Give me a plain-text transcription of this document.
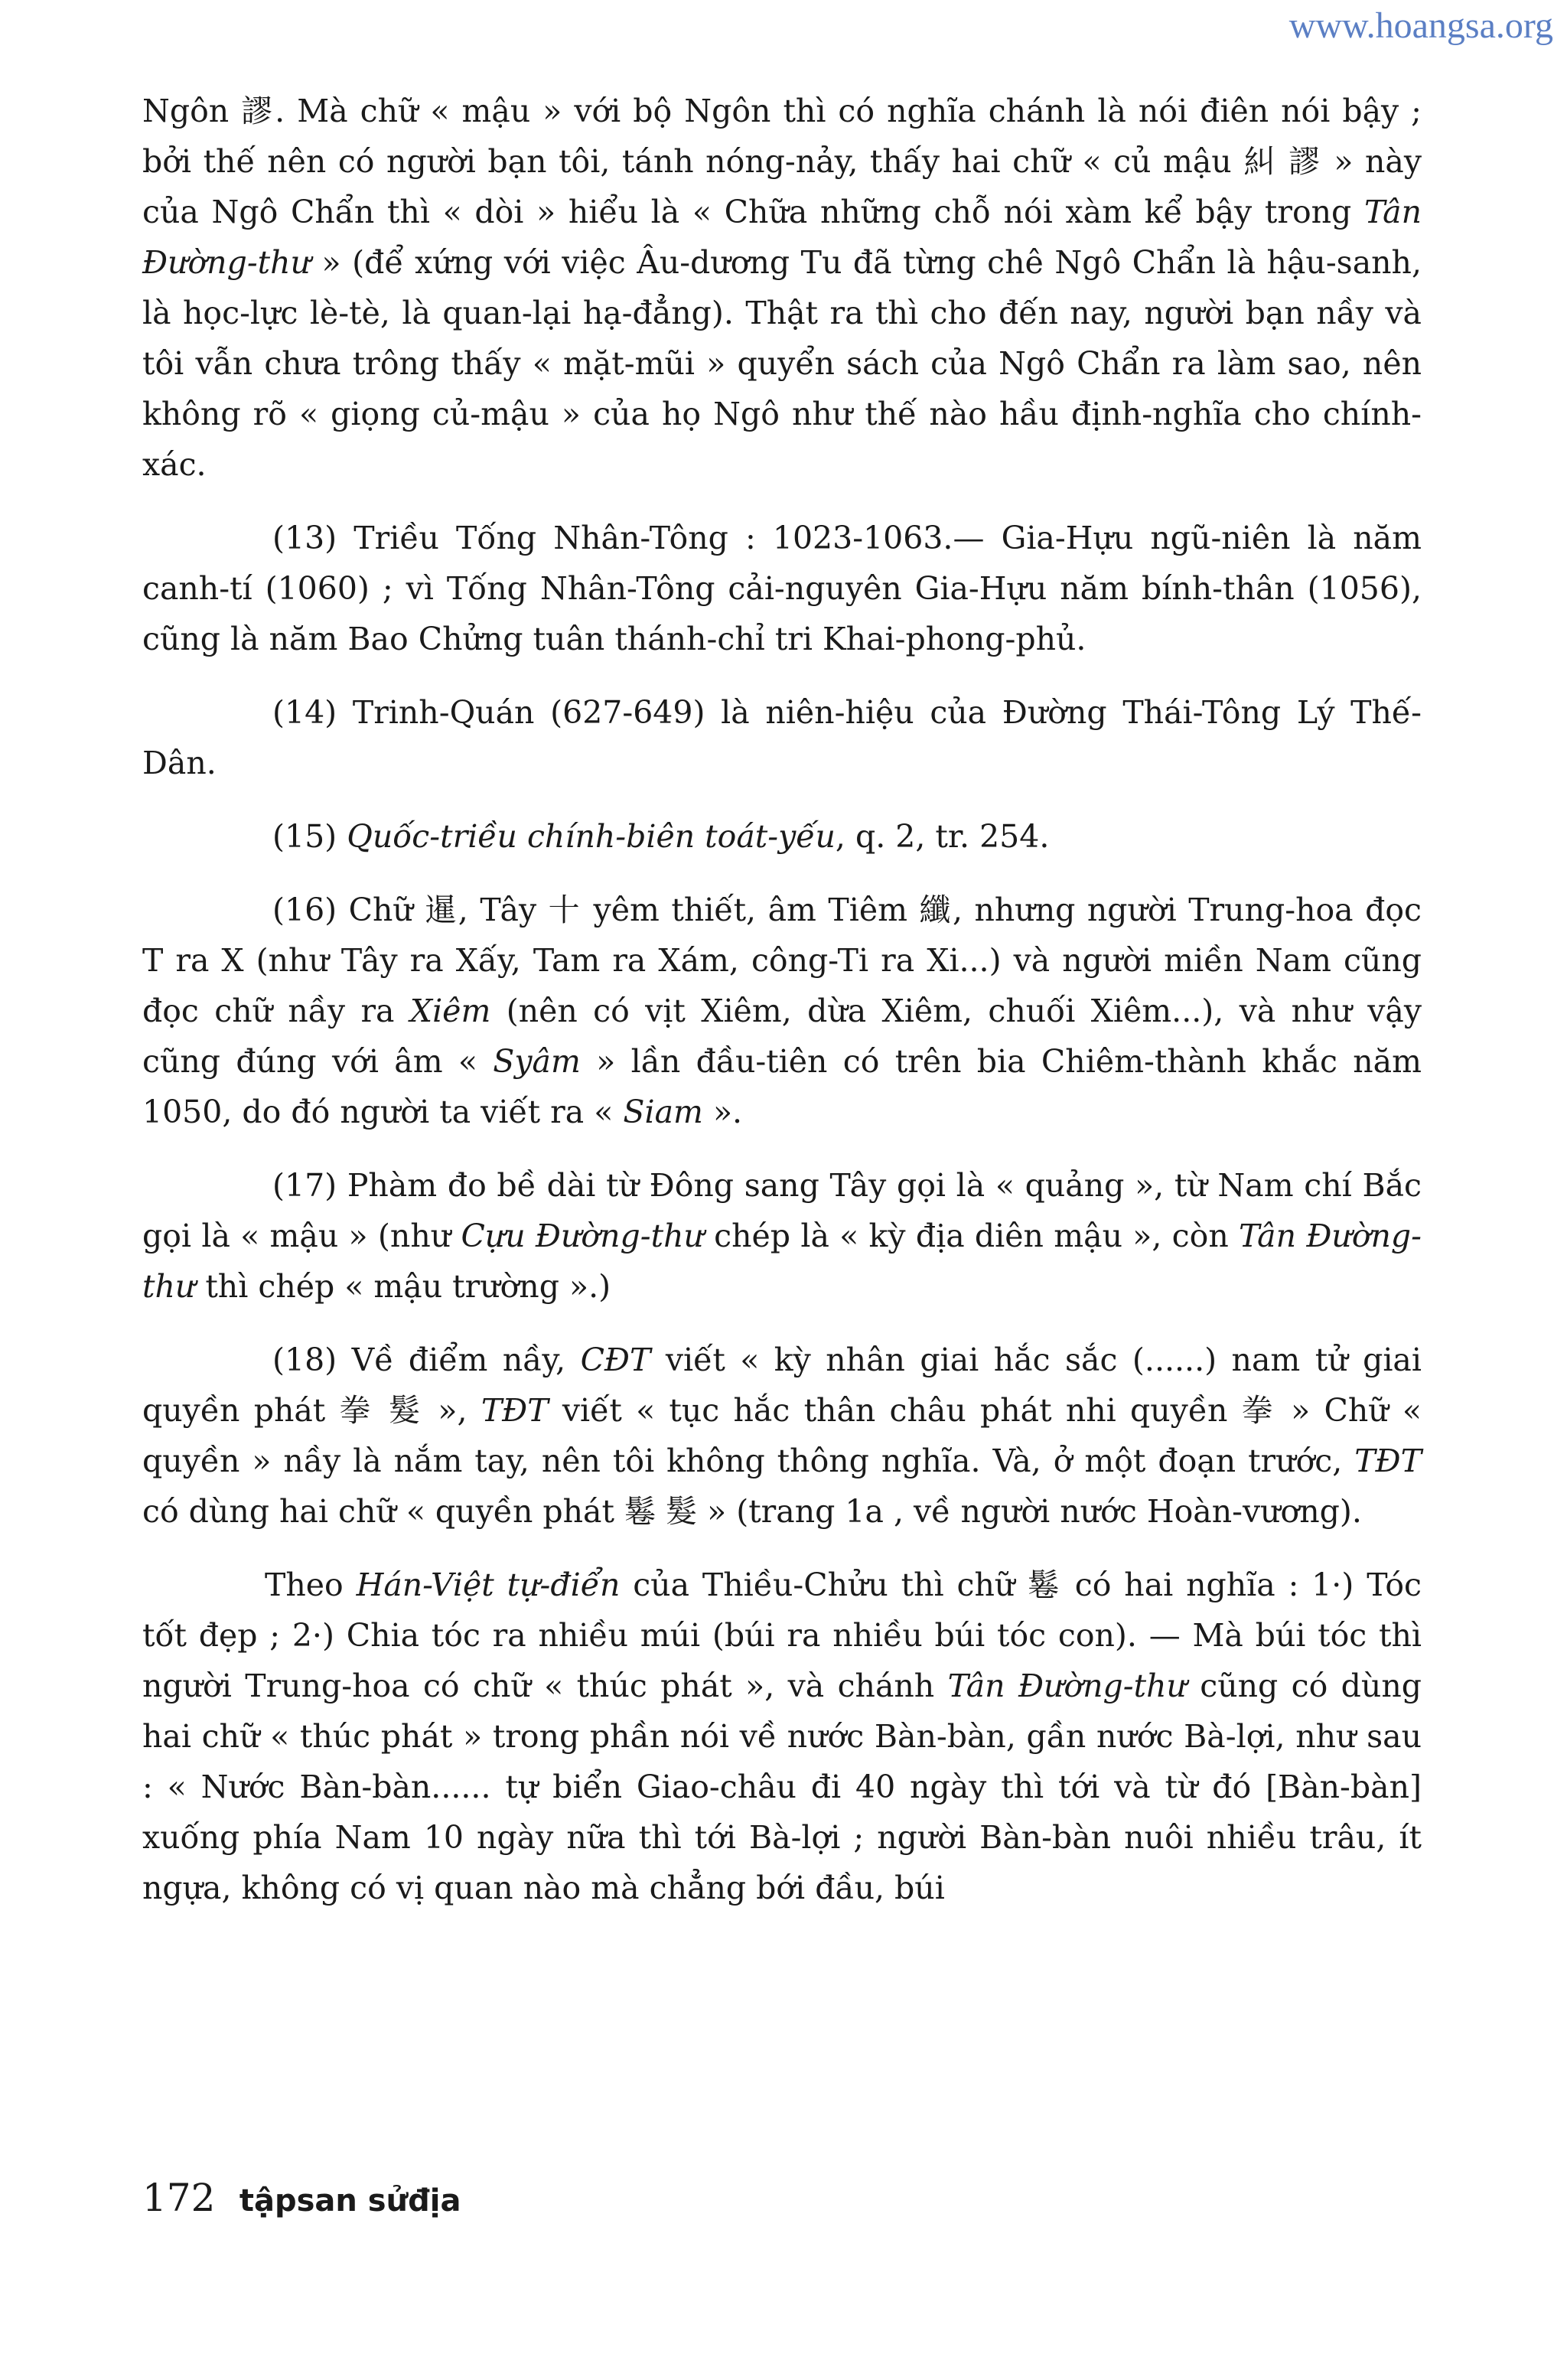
www.hoangsa.org

Ngôn 謬. Mà chữ « mậu » với bộ Ngôn thì có nghĩa chánh là nói điên nói bậy ; bởi thế nên có người bạn tôi, tánh nóng-nảy, thấy hai chữ « củ mậu 糾 謬 » này của Ngô Chẩn thì « dòi » hiểu là « Chữa những chỗ nói xàm kể bậy trong Tân Đường-thư » (để xứng với việc Âu-dương Tu đã từng chê Ngô Chẩn là hậu-sanh, là học-lực lè-tè, là quan-lại hạ-đẳng). Thật ra thì cho đến nay, người bạn nầy và tôi vẫn chưa trông thấy « mặt-mũi » quyển sách của Ngô Chẩn ra làm sao, nên không rõ « giọng củ-mậu » của họ Ngô như thế nào hầu định-nghĩa cho chính-xác.

(13) Triều Tống Nhân-Tông : 1023-1063.— Gia-Hựu ngũ-niên là năm canh-tí (1060) ; vì Tống Nhân-Tông cải-nguyên Gia-Hựu năm bính-thân (1056), cũng là năm Bao Chửng tuân thánh-chỉ tri Khai-phong-phủ.

(14) Trinh-Quán (627-649) là niên-hiệu của Đường Thái-Tông Lý Thế-Dân.

(15) Quốc-triều chính-biên toát-yếu, q. 2, tr. 254.

(16) Chữ 暹, Tây 十 yêm thiết, âm Tiêm 纖, nhưng người Trung-hoa đọc T ra X (như Tây ra Xấy, Tam ra Xám, công-Ti ra Xi...) và người miền Nam cũng đọc chữ nầy ra Xiêm (nên có vịt Xiêm, dừa Xiêm, chuối Xiêm...), và như vậy cũng đúng với âm « Syâm » lần đầu-tiên có trên bia Chiêm-thành khắc năm 1050, do đó người ta viết ra « Siam ».

(17) Phàm đo bề dài từ Đông sang Tây gọi là « quảng », từ Nam chí Bắc gọi là « mậu » (như Cựu Đường-thư chép là « kỳ địa diên mậu », còn Tân Đường-thư thì chép « mậu trường ».)

(18) Về điểm nầy, CĐT viết « kỳ nhân giai hắc sắc (......) nam tử giai quyền phát 拳 髮 », TĐT viết « tục hắc thân châu phát nhi quyền 拳 » Chữ « quyền » nầy là nắm tay, nên tôi không thông nghĩa. Và, ở một đoạn trước, TĐT có dùng hai chữ « quyền phát 鬈 髮 » (trang 1a , về người nước Hoàn-vương).

Theo Hán-Việt tự-điển của Thiều-Chửu thì chữ 鬈 có hai nghĩa : 1·) Tóc tốt đẹp ; 2·) Chia tóc ra nhiều múi (búi ra nhiều búi tóc con). — Mà búi tóc thì người Trung-hoa có chữ « thúc phát », và chánh Tân Đường-thư cũng có dùng hai chữ « thúc phát » trong phần nói về nước Bàn-bàn, gần nước Bà-lợi, như sau : « Nước Bàn-bàn...... tự biển Giao-châu đi 40 ngày thì tới và từ đó [Bàn-bàn] xuống phía Nam 10 ngày nữa thì tới Bà-lợi ; người Bàn-bàn nuôi nhiều trâu, ít ngựa, không có vị quan nào mà chẳng bới đầu, búi

172 tậpsan sửđịa
